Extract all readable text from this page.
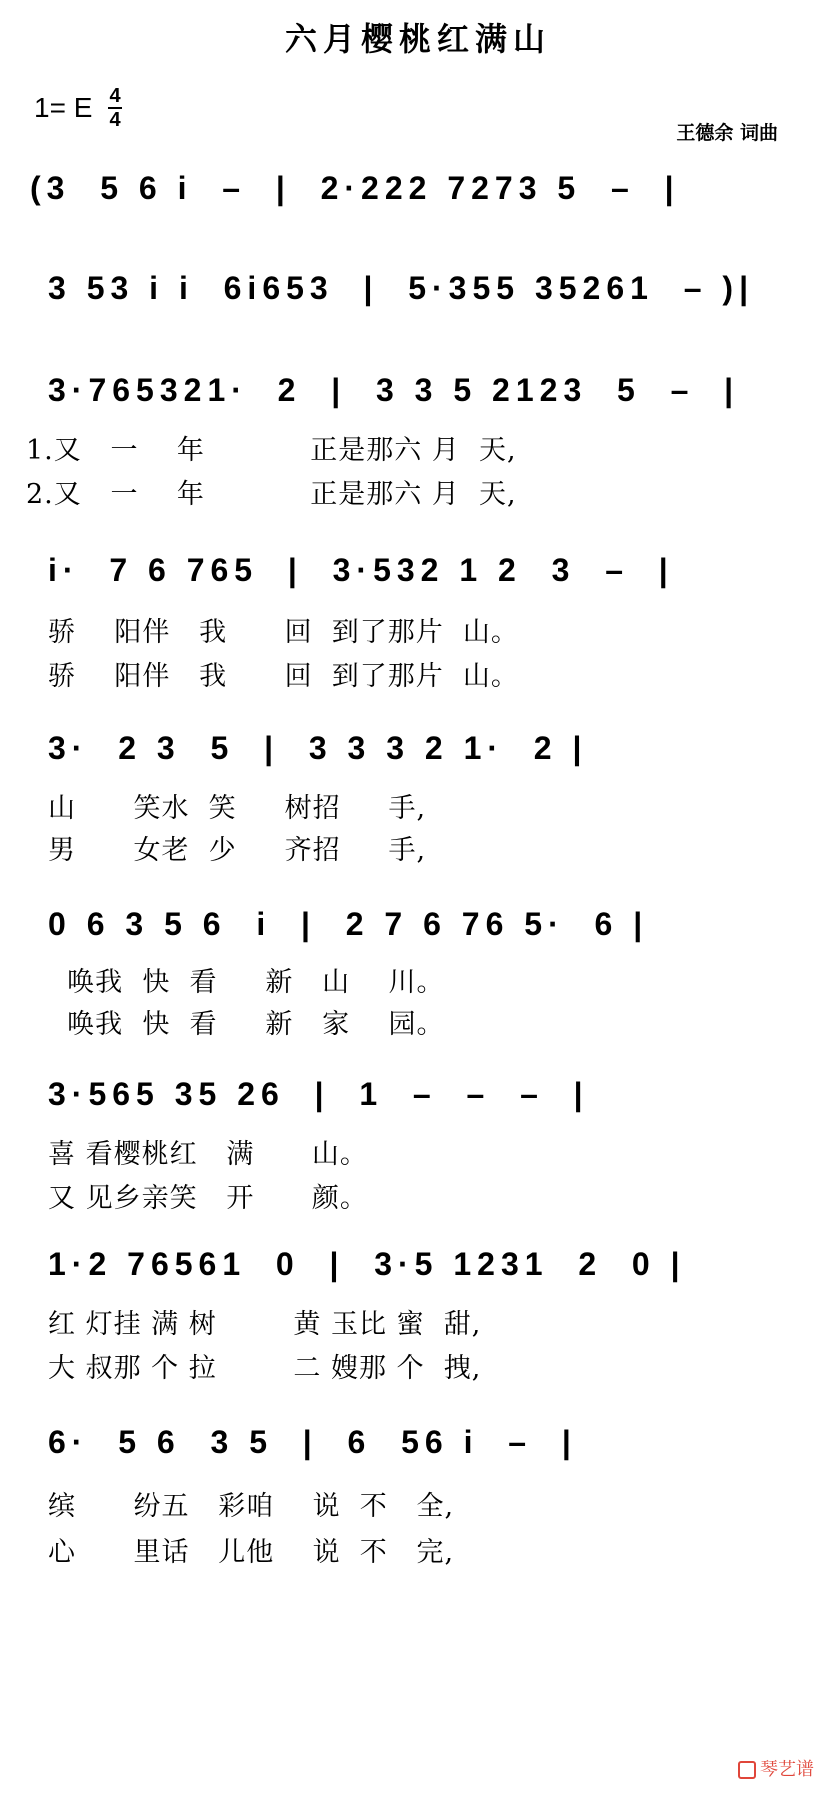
六月樱桃红满山
1= E 4
4
王德余 词曲
(3  5 6 i  –  |  2·222 7273 5  –  |
3 53 i i  6i653  |  5·355 35261  – )|
3·765321·  2  |  3 3 5 2123  5  –  |
1.又   一    年           正是那六 月  天,
2.又   一    年           正是那六 月  天,
i·  7 6 765  |  3·532 1 2  3  –  |
骄    阳伴   我      回  到了那片  山。
骄    阳伴   我      回  到了那片  山。
3·  2 3  5  |  3 3 3 2 1·  2 |
山      笑水  笑     树招     手,
男      女老  少     齐招     手,
0 6 3 5 6  i  |  2 7 6 76 5·  6 |
唤我  快  看     新   山    川。
唤我  快  看     新   家    园。
3·565 35 26  |  1  –  –  –  |
喜 看樱桃红   满      山。
又 见乡亲笑   开      颜。
1·2 76561  0  |  3·5 1231  2  0 |
红 灯挂 满 树        黄 玉比 蜜  甜,
大 叔那 个 拉        二 嫂那 个  拽,
6·  5 6  3 5  |  6  56 i  –  |
缤      纷五   彩咱    说  不   全,
心      里话   儿他    说  不   完,
琴艺谱
